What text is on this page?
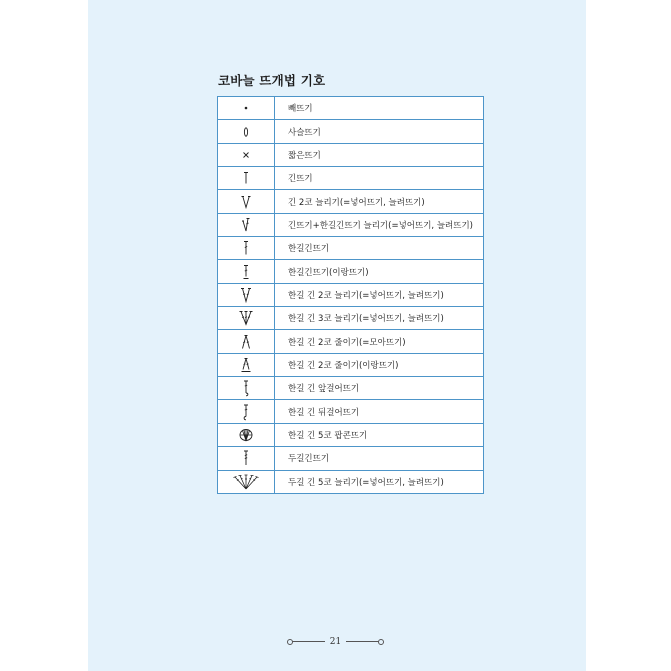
코바늘 뜨개법 기호
	빼뜨기

	사슬뜨기

	짧은뜨기

	긴뜨기

	긴 2코 늘리기(=넣어뜨기, 늘려뜨기)

	긴뜨기+한길긴뜨기 늘리기(=넣어뜨기, 늘려뜨기)

	한길긴뜨기

	한길긴뜨기(이랑뜨기)

	한길 긴 2코 늘리기(=넣어뜨기, 늘려뜨기)

	한길 긴 3코 늘리기(=넣어뜨기, 늘려뜨기)

	한길 긴 2코 줄이기(=모아뜨기)

	한길 긴 2코 줄이기(이랑뜨기)

	한길 긴 앞걸어뜨기

	한길 긴 뒤걸어뜨기

	한길 긴 5코 팝콘뜨기

	두길긴뜨기

	두길 긴 5코 늘리기(=넣어뜨기, 늘려뜨기)
21
